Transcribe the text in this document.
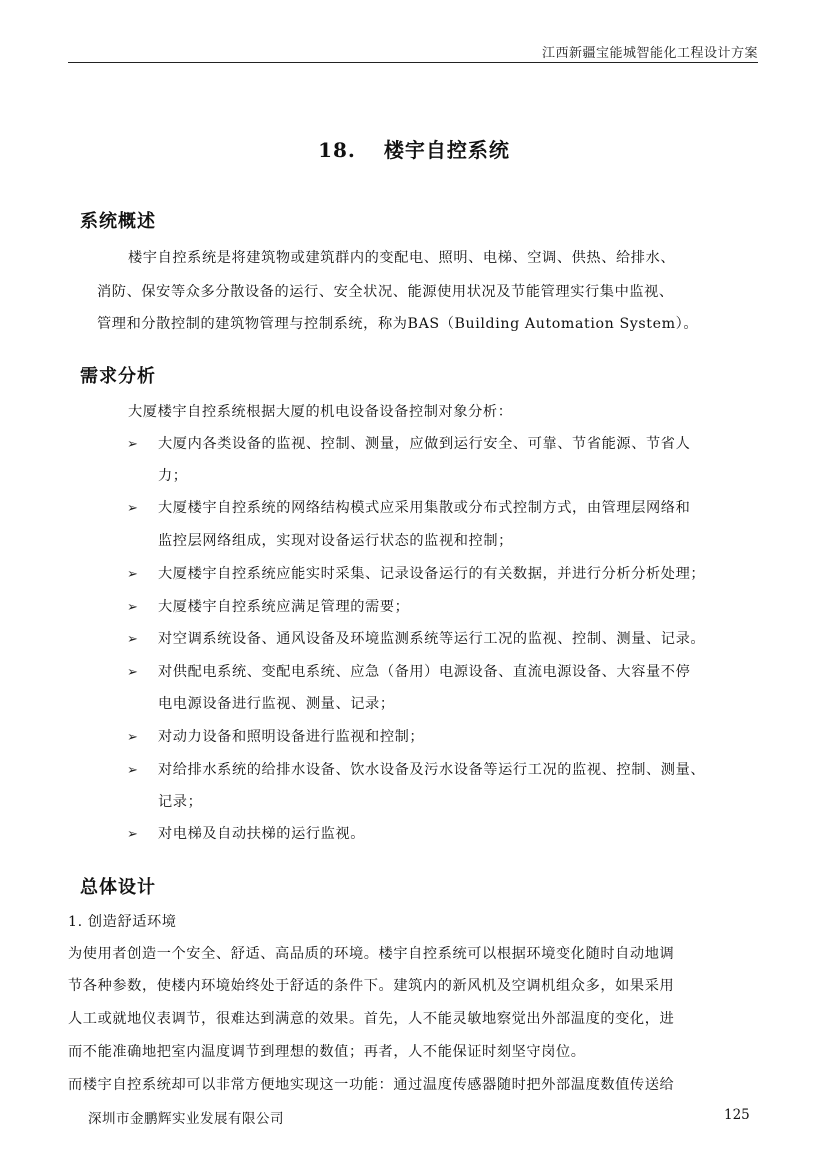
江西新疆宝能城智能化工程设计方案
18. 楼宇自控系统
系统概述
楼宇自控系统是将建筑物或建筑群内的变配电、照明、电梯、空调、供热、给排水、
消防、保安等众多分散设备的运行、安全状况、能源使用状况及节能管理实行集中监视、
管理和分散控制的建筑物管理与控制系统，称为BAS（Building Automation System）。
需求分析
大厦楼宇自控系统根据大厦的机电设备设备控制对象分析：
➢ 大厦内各类设备的监视、控制、测量，应做到运行安全、可靠、节省能源、节省人
力；
➢ 大厦楼宇自控系统的网络结构模式应采用集散或分布式控制方式，由管理层网络和
监控层网络组成，实现对设备运行状态的监视和控制；
➢ 大厦楼宇自控系统应能实时采集、记录设备运行的有关数据，并进行分析分析处理；
➢ 大厦楼宇自控系统应满足管理的需要；
➢ 对空调系统设备、通风设备及环境监测系统等运行工况的监视、控制、测量、记录。
➢ 对供配电系统、变配电系统、应急（备用）电源设备、直流电源设备、大容量不停
电电源设备进行监视、测量、记录；
➢ 对动力设备和照明设备进行监视和控制；
➢ 对给排水系统的给排水设备、饮水设备及污水设备等运行工况的监视、控制、测量、
记录；
➢ 对电梯及自动扶梯的运行监视。
总体设计
1. 创造舒适环境
为使用者创造一个安全、舒适、高品质的环境。楼宇自控系统可以根据环境变化随时自动地调
节各种参数，使楼内环境始终处于舒适的条件下。建筑内的新风机及空调机组众多，如果采用
人工或就地仪表调节，很难达到满意的效果。首先，人不能灵敏地察觉出外部温度的变化，进
而不能准确地把室内温度调节到理想的数值；再者，人不能保证时刻坚守岗位。
而楼宇自控系统却可以非常方便地实现这一功能：通过温度传感器随时把外部温度数值传送给
深圳市金鹏辉实业发展有限公司	125
